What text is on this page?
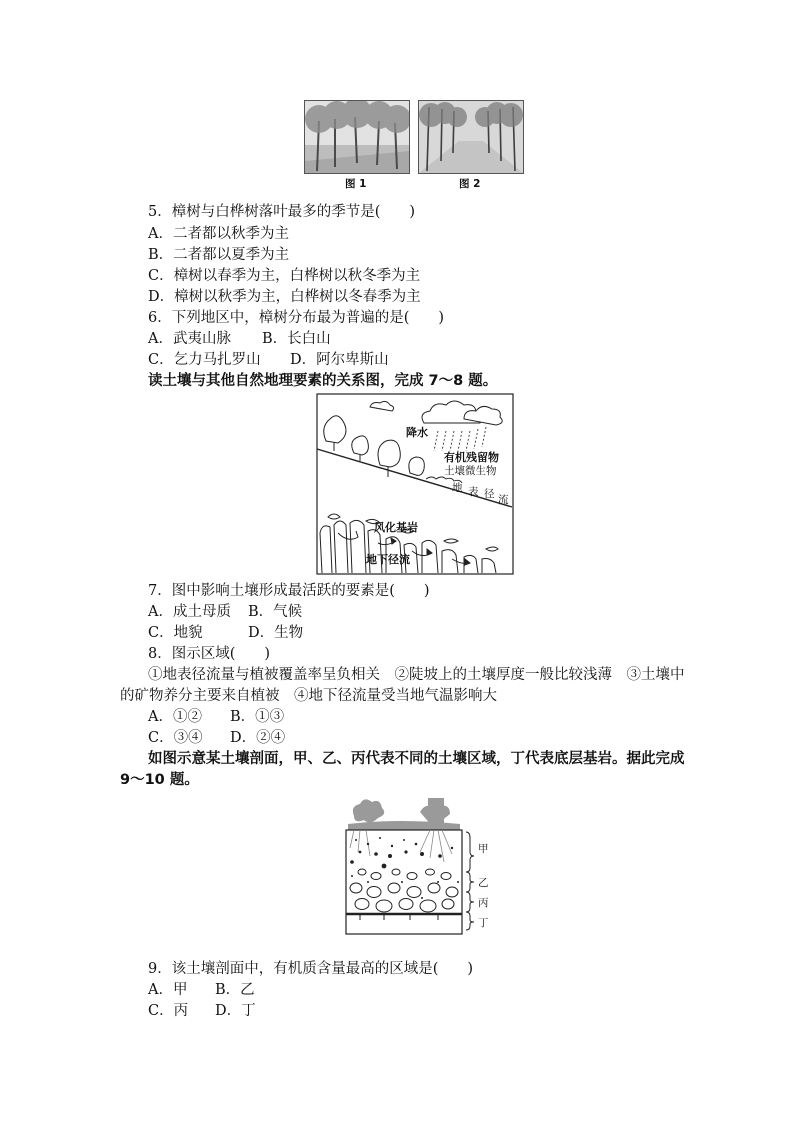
图 1	图 2
5．樟树与白桦树落叶最多的季节是(　　)
A．二者都以秋季为主
B．二者都以夏季为主
C．樟树以春季为主，白桦树以秋冬季为主
D．樟树以秋季为主，白桦树以冬春季为主
6．下列地区中，樟树分布最为普遍的是(　　)
A．武夷山脉 B．长白山
C．乞力马扎罗山 D．阿尔卑斯山
读土壤与其他自然地理要素的关系图，完成 7～8 题。
降水
有机残留物
土壤微生物
地 表 径 流
风化基岩
地下径流
7．图中影响土壤形成最活跃的要素是(　　)
A．成土母质 B．气候
C．地貌	D．生物
8．图示区域(　　)
①地表径流量与植被覆盖率呈负相关　②陡坡上的土壤厚度一般比较浅薄　③土壤中
的矿物养分主要来自植被　④地下径流量受当地气温影响大
A．①② B．①③
C．③④ D．②④
如图示意某土壤剖面，甲、乙、丙代表不同的土壤区域，丁代表底层基岩。据此完成
9～10 题。
甲
乙
丙
丁
9．该土壤剖面中，有机质含量最高的区域是(　　)
A．甲 B．乙
C．丙 D．丁
